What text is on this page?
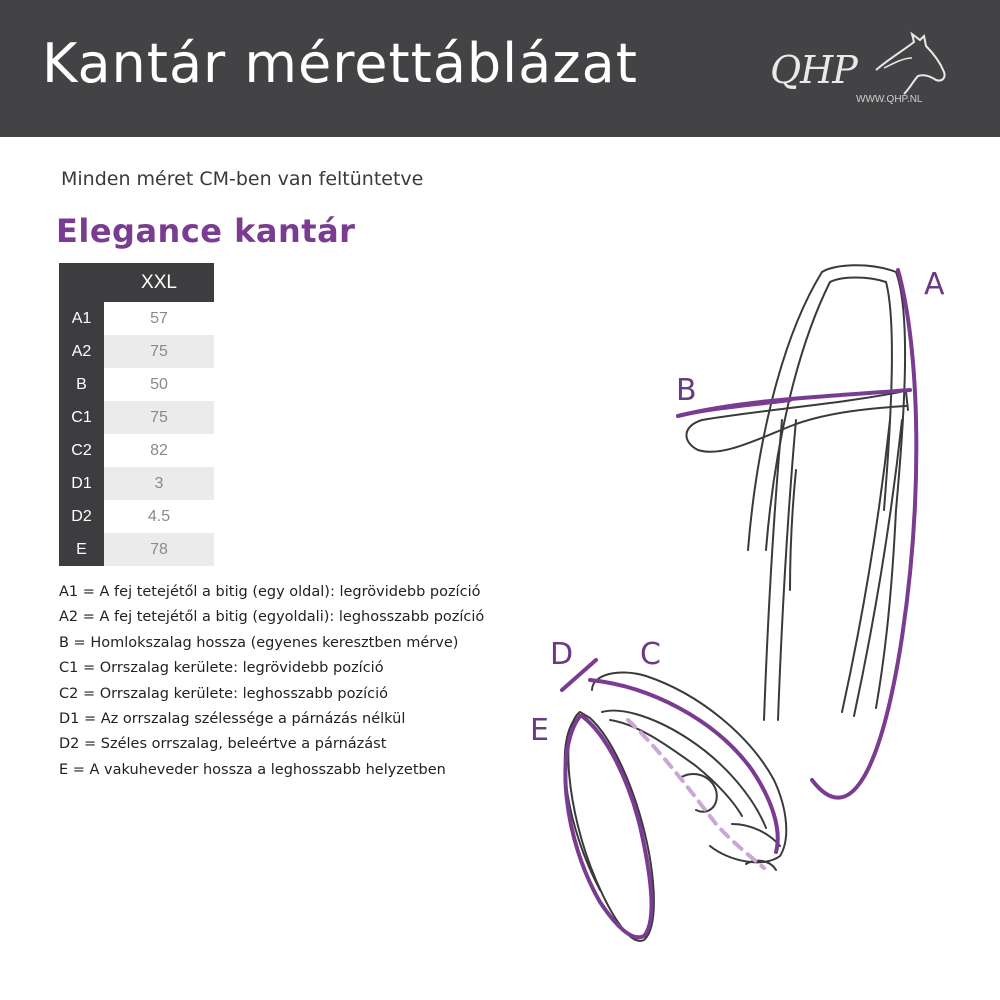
Kantár mérettáblázat	QHP
WWW.QHP.NL
Minden méret CM-ben van feltüntetve
Elegance kantár
	XXL
A1	57
A2	75
B	50
C1	75
C2	82
D1	3
D2	4.5
E	78
A1 = A fej tetejétől a bitig (egy oldal): legrövidebb pozíció
A2 = A fej tetejétől a bitig (egyoldali): leghosszabb pozíció
B = Homlokszalag hossza (egyenes keresztben mérve)
C1 = Orrszalag kerülete: legrövidebb pozíció
C2 = Orrszalag kerülete: leghosszabb pozíció
D1 = Az orrszalag szélessége a párnázás nélkül
D2 = Széles orrszalag, beleértve a párnázást
E = A vakuheveder hossza a leghosszabb helyzetben
A
B
C
D
E
